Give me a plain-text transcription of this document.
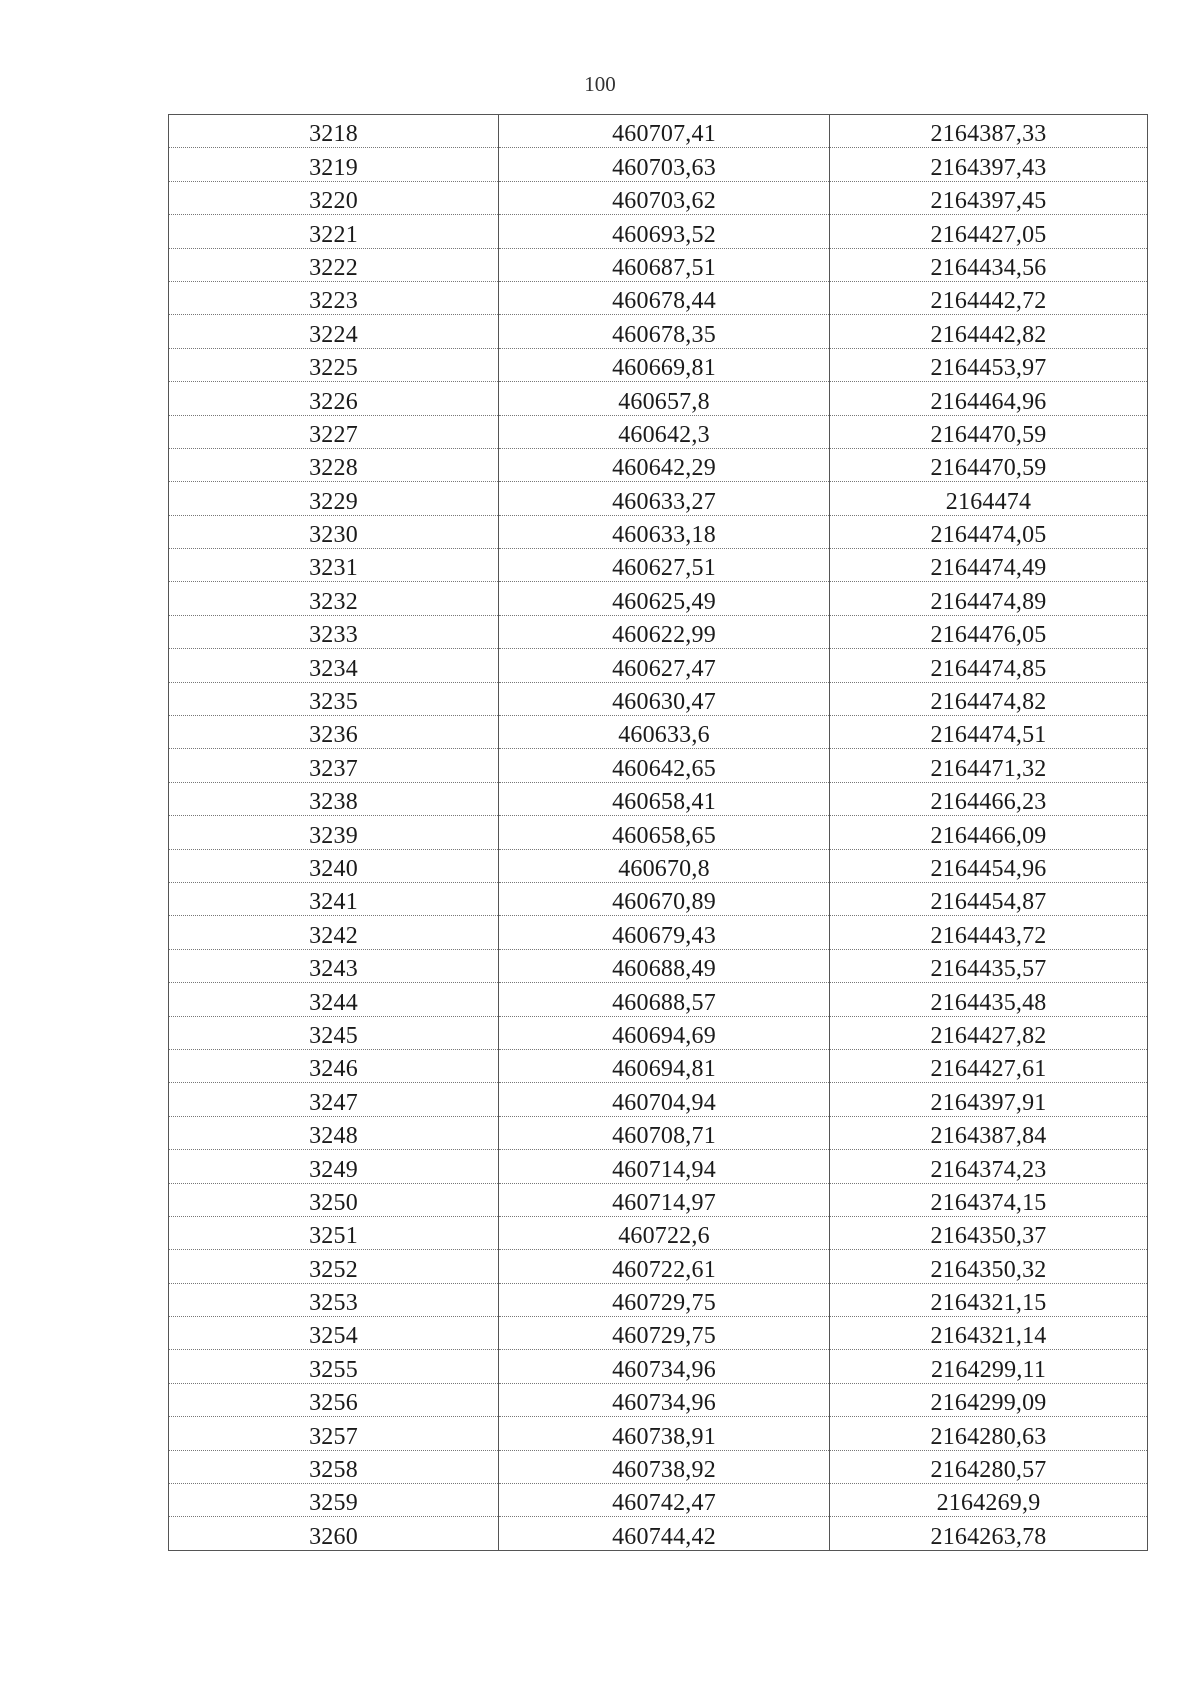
100
3218	460707,41	2164387,33
3219	460703,63	2164397,43
3220	460703,62	2164397,45
3221	460693,52	2164427,05
3222	460687,51	2164434,56
3223	460678,44	2164442,72
3224	460678,35	2164442,82
3225	460669,81	2164453,97
3226	460657,8	2164464,96
3227	460642,3	2164470,59
3228	460642,29	2164470,59
3229	460633,27	2164474
3230	460633,18	2164474,05
3231	460627,51	2164474,49
3232	460625,49	2164474,89
3233	460622,99	2164476,05
3234	460627,47	2164474,85
3235	460630,47	2164474,82
3236	460633,6	2164474,51
3237	460642,65	2164471,32
3238	460658,41	2164466,23
3239	460658,65	2164466,09
3240	460670,8	2164454,96
3241	460670,89	2164454,87
3242	460679,43	2164443,72
3243	460688,49	2164435,57
3244	460688,57	2164435,48
3245	460694,69	2164427,82
3246	460694,81	2164427,61
3247	460704,94	2164397,91
3248	460708,71	2164387,84
3249	460714,94	2164374,23
3250	460714,97	2164374,15
3251	460722,6	2164350,37
3252	460722,61	2164350,32
3253	460729,75	2164321,15
3254	460729,75	2164321,14
3255	460734,96	2164299,11
3256	460734,96	2164299,09
3257	460738,91	2164280,63
3258	460738,92	2164280,57
3259	460742,47	2164269,9
3260	460744,42	2164263,78
